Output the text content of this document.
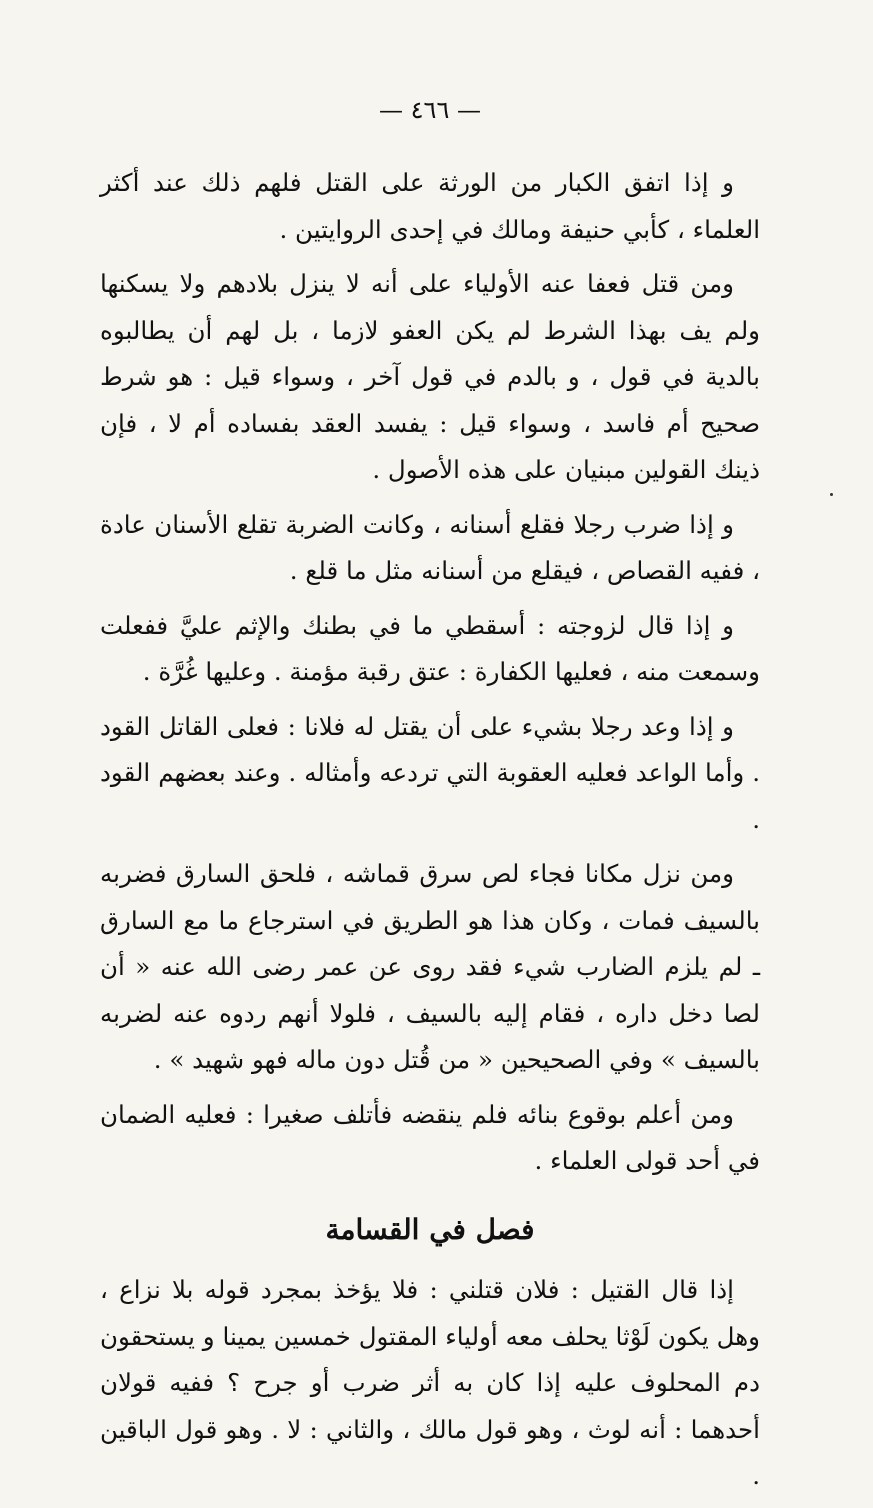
— ٤٦٦ —

و إذا اتفق الكبار من الورثة على القتل فلهم ذلك عند أكثر العلماء ، كأبي حنيفة ومالك في إحدى الروايتين .

ومن قتل فعفا عنه الأولياء على أنه لا ينزل بلادهم ولا يسكنها ولم يف بهذا الشرط لم يكن العفو لازما ، بل لهم أن يطالبوه بالدية في قول ، و بالدم في قول آخر ، وسواء قيل : هو شرط صحيح أم فاسد ، وسواء قيل : يفسد العقد بفساده أم لا ، فإن ذينك القولين مبنيان على هذه الأصول .

و إذا ضرب رجلا فقلع أسنانه ، وكانت الضربة تقلع الأسنان عادة ، ففيه القصاص ، فيقلع من أسنانه مثل ما قلع .

و إذا قال لزوجته : أسقطي ما في بطنك والإثم عليَّ ففعلت وسمعت منه ، فعليها الكفارة : عتق رقبة مؤمنة . وعليها غُرَّة .

و إذا وعد رجلا بشيء على أن يقتل له فلانا : فعلى القاتل القود . وأما الواعد فعليه العقوبة التي تردعه وأمثاله . وعند بعضهم القود .

ومن نزل مكانا فجاء لص سرق قماشه ، فلحق السارق فضربه بالسيف فمات ، وكان هذا هو الطريق في استرجاع ما مع السارق ـ لم يلزم الضارب شيء فقد روى عن عمر رضى الله عنه « أن لصا دخل داره ، فقام إليه بالسيف ، فلولا أنهم ردوه عنه لضربه بالسيف » وفي الصحيحين « من قُتل دون ماله فهو شهيد » .

ومن أعلم بوقوع بنائه فلم ينقضه فأتلف صغيرا : فعليه الضمان في أحد قولى العلماء .

فصل في القسامة

إذا قال القتيل : فلان قتلني : فلا يؤخذ بمجرد قوله بلا نزاع ، وهل يكون لَوْثا يحلف معه أولياء المقتول خمسين يمينا و يستحقون دم المحلوف عليه إذا كان به أثر ضرب أو جرح ؟ ففيه قولان أحدهما : أنه لوث ، وهو قول مالك ، والثاني : لا . وهو قول الباقين .
